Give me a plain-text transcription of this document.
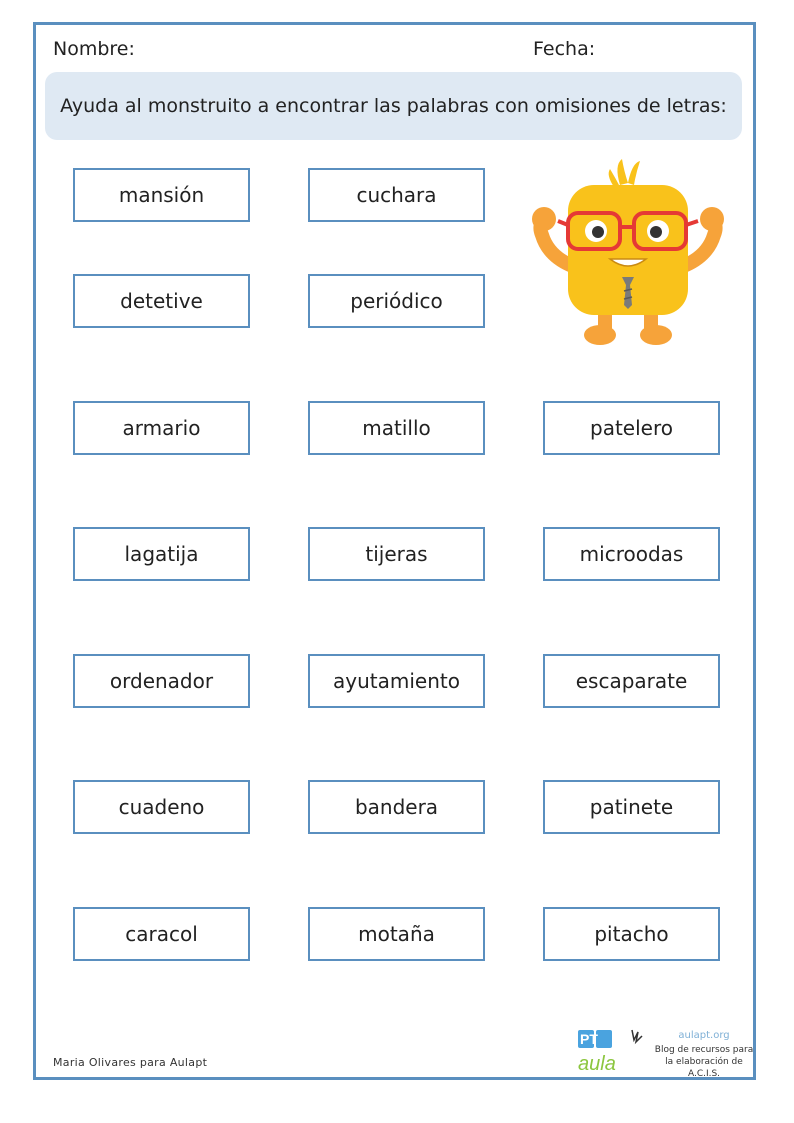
Nombre:	Fecha:
Ayuda al monstruito a encontrar las palabras con omisiones de letras:
mansión	cuchara
detetive	periódico
armario	matillo	patelero
lagatija	tijeras	microodas
ordenador	ayutamiento	escaparate
cuadeno	bandera	patinete
caracol	motaña	pitacho
Maria Olivares para Aulapt
PT
aula
aulapt.org
Blog de recursos para la elaboración de A.C.I.S.
